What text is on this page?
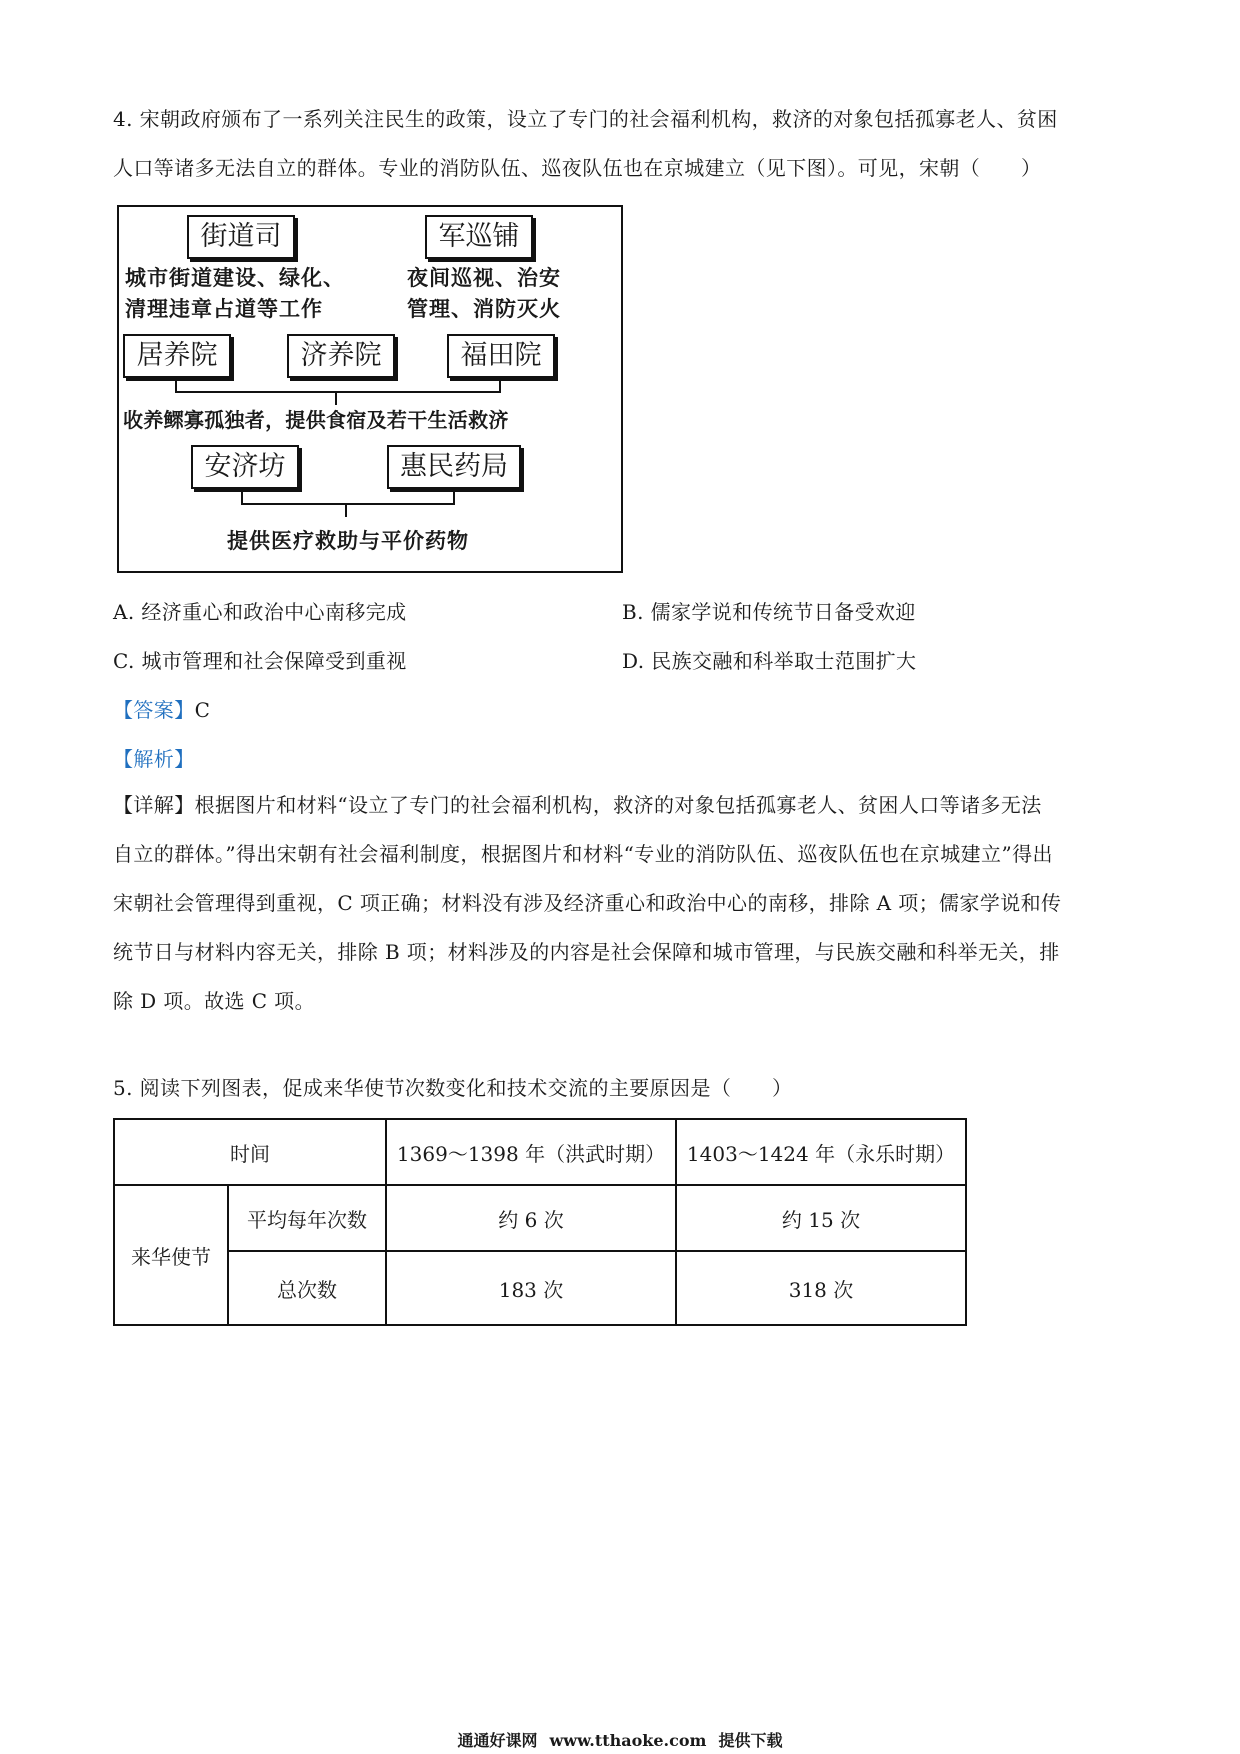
4. 宋朝政府颁布了一系列关注民生的政策，设立了专门的社会福利机构，救济的对象包括孤寡老人、贫困
人口等诸多无法自立的群体。专业的消防队伍、巡夜队伍也在京城建立（见下图）。可见，宋朝（　　）
街道司	军巡铺
城市街道建设、绿化、
清理违章占道等工作
夜间巡视、治安
管理、消防灭火
居养院	济养院	福田院
收养鳏寡孤独者，提供食宿及若干生活救济
安济坊	惠民药局
提供医疗救助与平价药物
A. 经济重心和政治中心南移完成	B. 儒家学说和传统节日备受欢迎
C. 城市管理和社会保障受到重视	D. 民族交融和科举取士范围扩大
【答案】C
【解析】
【详解】根据图片和材料“设立了专门的社会福利机构，救济的对象包括孤寡老人、贫困人口等诸多无法
自立的群体。”得出宋朝有社会福利制度，根据图片和材料“专业的消防队伍、巡夜队伍也在京城建立”得出
宋朝社会管理得到重视，C 项正确；材料没有涉及经济重心和政治中心的南移，排除 A 项；儒家学说和传
统节日与材料内容无关，排除 B 项；材料涉及的内容是社会保障和城市管理，与民族交融和科举无关，排
除 D 项。故选 C 项。
5. 阅读下列图表，促成来华使节次数变化和技术交流的主要原因是（　　）
时间		1369～1398 年（洪武时期）	1403～1424 年（永乐时期）
来华使节	平均每年次数	约 6 次	约 15 次
	总次数	183 次	318 次
通通好课网 www.tthaoke.com 提供下载
